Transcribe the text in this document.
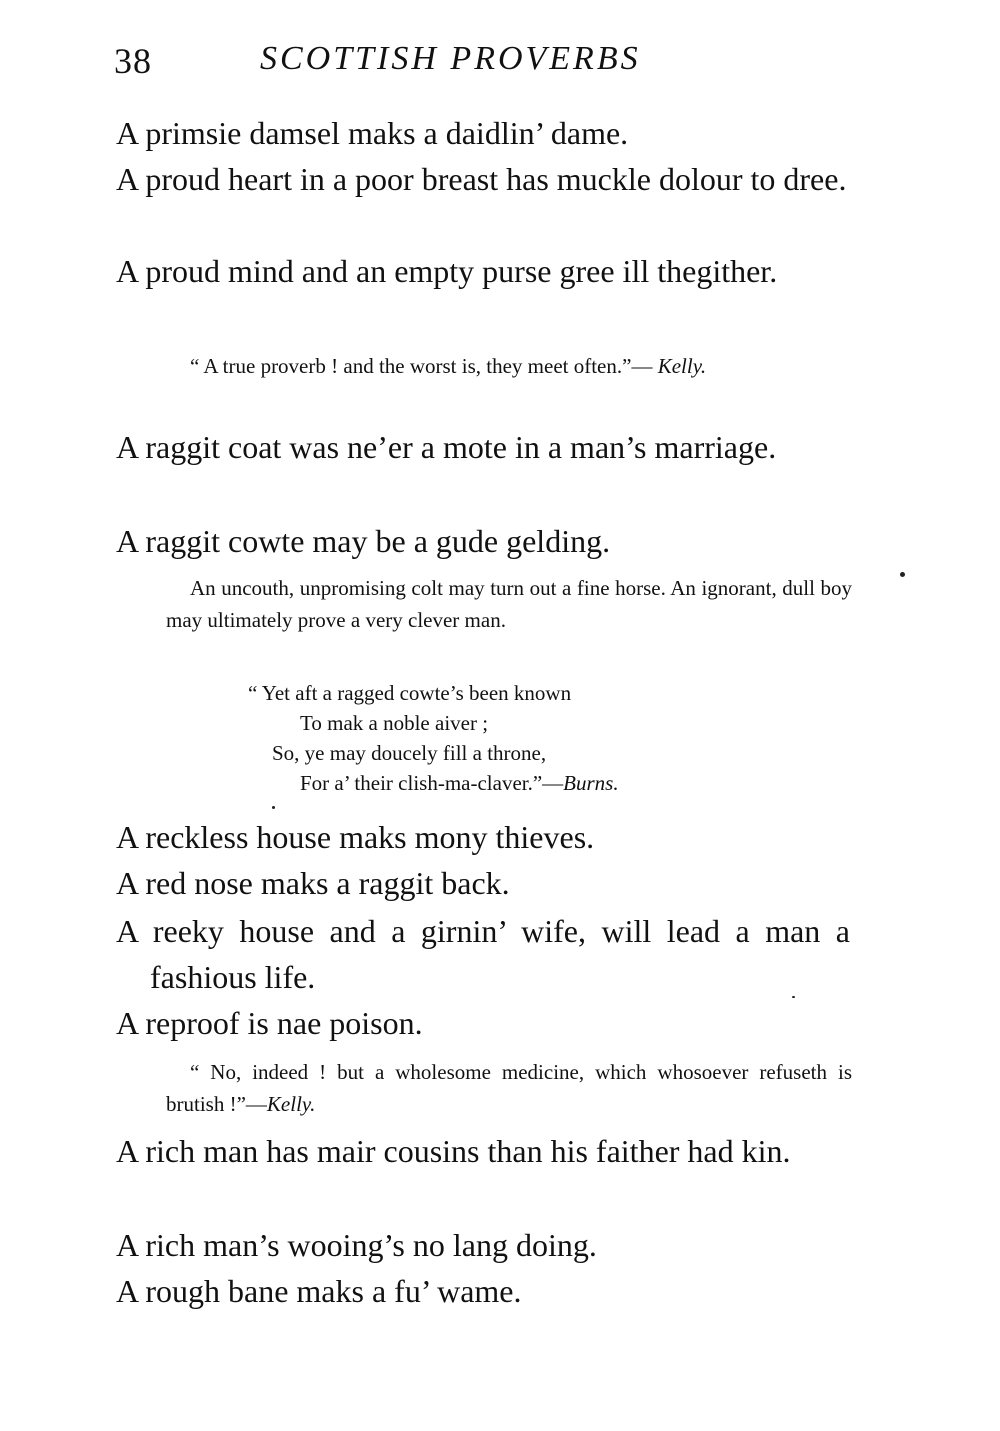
38	SCOTTISH PROVERBS
A primsie damsel maks a daidlin’ dame.
A proud heart in a poor breast has muckle dolour to dree.
A proud mind and an empty purse gree ill thegither.
“ A true proverb ! and the worst is, they meet often.”— Kelly.
A raggit coat was ne’er a mote in a man’s marriage.
A raggit cowte may be a gude gelding.
An uncouth, unpromising colt may turn out a fine horse. An ignorant, dull boy may ultimately prove a very clever man.
“ Yet aft a ragged cowte’s been known
To mak a noble aiver ;
So, ye may doucely fill a throne,
For a’ their clish-ma-claver.”—Burns.
A reckless house maks mony thieves.
A red nose maks a raggit back.
A reeky house and a girnin’ wife, will lead a man a fashious life.
A reproof is nae poison.
“ No, indeed ! but a wholesome medicine, which whosoever refuseth is brutish !”—Kelly.
A rich man has mair cousins than his faither had kin.
A rich man’s wooing’s no lang doing.
A rough bane maks a fu’ wame.
